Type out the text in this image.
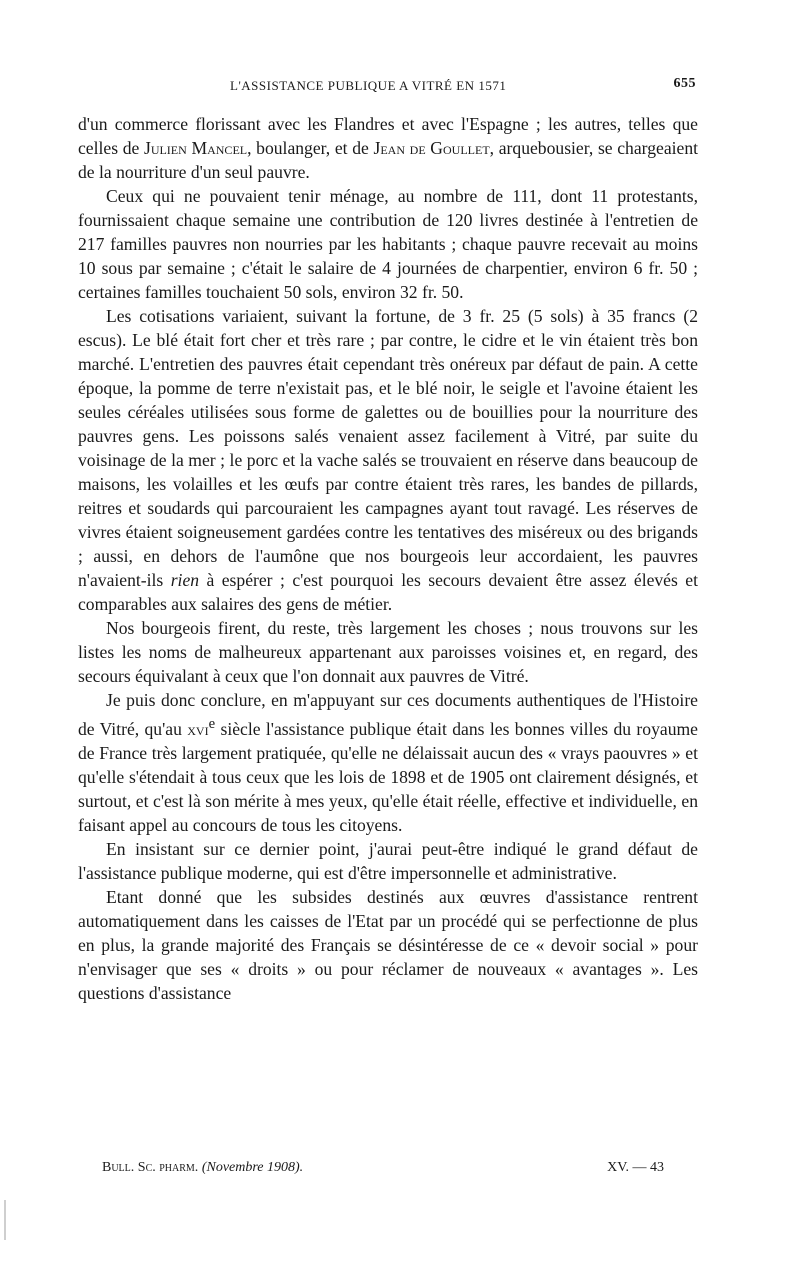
L'ASSISTANCE PUBLIQUE A VITRÉ EN 1571	655

d'un commerce florissant avec les Flandres et avec l'Espagne ; les autres, telles que celles de Julien Mancel, boulanger, et de Jean de Goullet, arquebousier, se chargeaient de la nourriture d'un seul pauvre.

Ceux qui ne pouvaient tenir ménage, au nombre de 111, dont 11 protestants, fournissaient chaque semaine une contribution de 120 livres destinée à l'entretien de 217 familles pauvres non nourries par les habitants ; chaque pauvre recevait au moins 10 sous par semaine ; c'était le salaire de 4 journées de charpentier, environ 6 fr. 50 ; certaines familles touchaient 50 sols, environ 32 fr. 50.

Les cotisations variaient, suivant la fortune, de 3 fr. 25 (5 sols) à 35 francs (2 escus). Le blé était fort cher et très rare ; par contre, le cidre et le vin étaient très bon marché. L'entretien des pauvres était cependant très onéreux par défaut de pain. A cette époque, la pomme de terre n'existait pas, et le blé noir, le seigle et l'avoine étaient les seules céréales utilisées sous forme de galettes ou de bouillies pour la nourriture des pauvres gens. Les poissons salés venaient assez facilement à Vitré, par suite du voisinage de la mer ; le porc et la vache salés se trouvaient en réserve dans beaucoup de maisons, les volailles et les œufs par contre étaient très rares, les bandes de pillards, reitres et soudards qui parcouraient les campagnes ayant tout ravagé. Les réserves de vivres étaient soigneusement gardées contre les tentatives des miséreux ou des brigands ; aussi, en dehors de l'aumône que nos bourgeois leur accordaient, les pauvres n'avaient-ils rien à espérer ; c'est pourquoi les secours devaient être assez élevés et comparables aux salaires des gens de métier.

Nos bourgeois firent, du reste, très largement les choses ; nous trouvons sur les listes les noms de malheureux appartenant aux paroisses voisines et, en regard, des secours équivalant à ceux que l'on donnait aux pauvres de Vitré.

Je puis donc conclure, en m'appuyant sur ces documents authentiques de l'Histoire de Vitré, qu'au xvi$^e$ siècle l'assistance publique était dans les bonnes villes du royaume de France très largement pratiquée, qu'elle ne délaissait aucun des « vrays paouvres » et qu'elle s'étendait à tous ceux que les lois de 1898 et de 1905 ont clairement désignés, et surtout, et c'est là son mérite à mes yeux, qu'elle était réelle, effective et individuelle, en faisant appel au concours de tous les citoyens.

En insistant sur ce dernier point, j'aurai peut-être indiqué le grand défaut de l'assistance publique moderne, qui est d'être impersonnelle et administrative.

Etant donné que les subsides destinés aux œuvres d'assistance rentrent automatiquement dans les caisses de l'Etat par un procédé qui se perfectionne de plus en plus, la grande majorité des Français se désintéresse de ce « devoir social » pour n'envisager que ses « droits » ou pour réclamer de nouveaux « avantages ». Les questions d'assistance

Bull. Sc. pharm. (Novembre 1908).	XV. — 43
